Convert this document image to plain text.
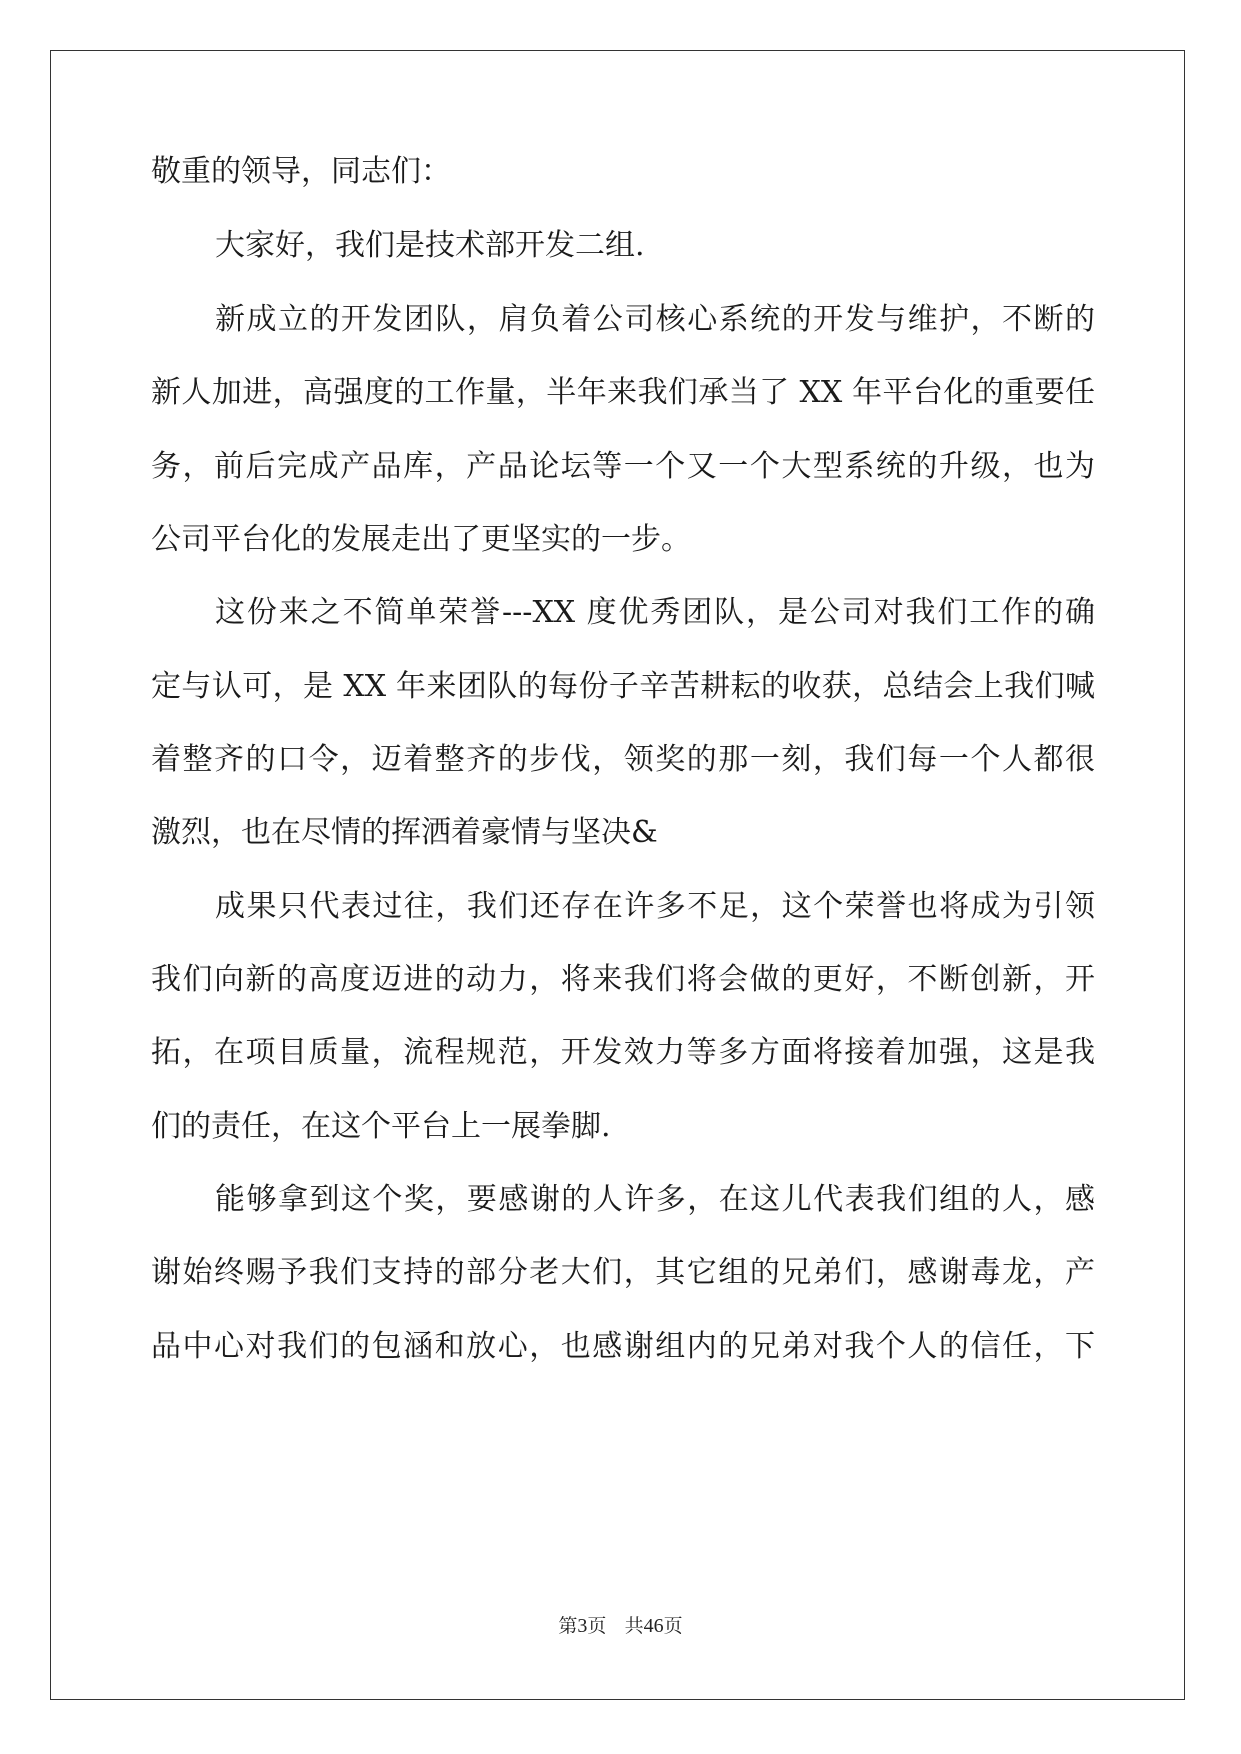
敬重的领导，同志们：
大家好，我们是技术部开发二组.
新成立的开发团队，肩负着公司核心系统的开发与维护，不断的
新人加进，高强度的工作量，半年来我们承当了 XX 年平台化的重要任
务，前后完成产品库，产品论坛等一个又一个大型系统的升级，也为
公司平台化的发展走出了更坚实的一步。
这份来之不简单荣誉---XX 度优秀团队，是公司对我们工作的确
定与认可，是 XX 年来团队的每份子辛苦耕耘的收获，总结会上我们喊
着整齐的口令，迈着整齐的步伐，领奖的那一刻，我们每一个人都很
激烈，也在尽情的挥洒着豪情与坚决&
成果只代表过往，我们还存在许多不足，这个荣誉也将成为引领
我们向新的高度迈进的动力，将来我们将会做的更好，不断创新，开
拓，在项目质量，流程规范，开发效力等多方面将接着加强，这是我
们的责任，在这个平台上一展拳脚.
能够拿到这个奖，要感谢的人许多，在这儿代表我们组的人，感
谢始终赐予我们支持的部分老大们，其它组的兄弟们，感谢毒龙，产
品中心对我们的包涵和放心，也感谢组内的兄弟对我个人的信任，下
第3页 共46页
